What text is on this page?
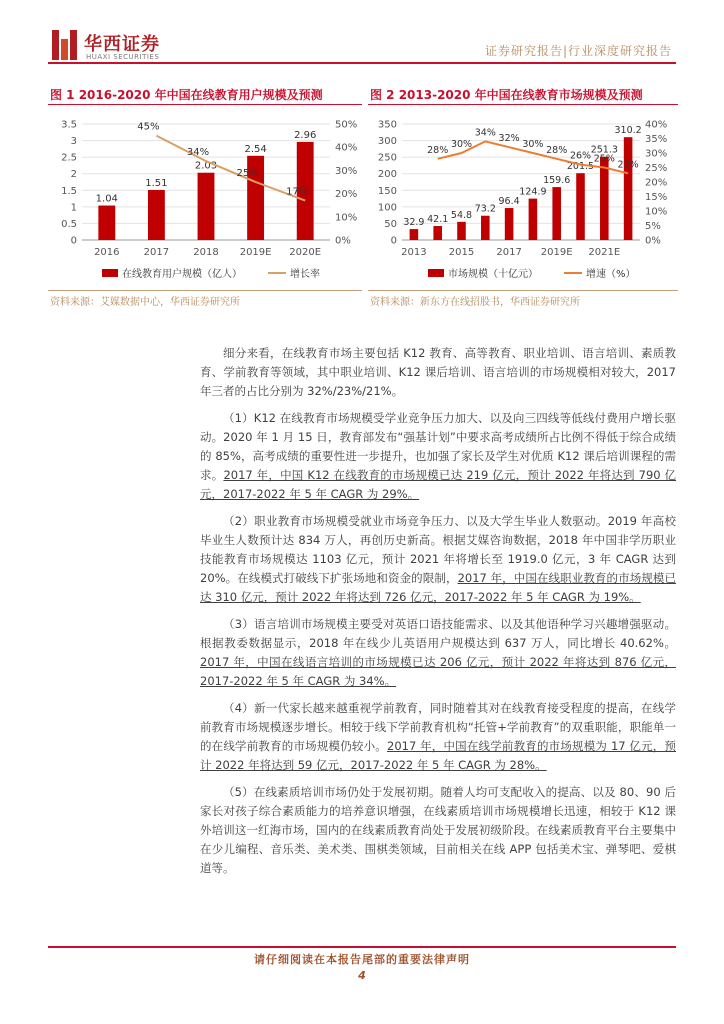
华西证券
HUAXI SECURITIES	证券研究报告|行业深度研究报告
图 1 2016-2020 年中国在线教育用户规模及预测	图 2 2013-2020 年中国在线教育市场规模及预测
0
0.5
1
1.5
2
2.5
3
3.5
0%
10%
20%
30%
40%
50%
1.04
1.51
2.03
2.54
2.96
45%
34%
25%
17%
2016 2017 2018 2019E 2020E
在线教育用户规模（亿人）	增长率
0
50
100
150
200
250
300
350
0%
5%
10%
15%
20%
25%
30%
35%
40%
32.9 42.1 54.8
73.2
96.4
124.9
159.6
201.5
251.3
310.2
28%
30%
34%
32%
30%
28%
26% 25%
23%
2013 2015 2017 2019E 2021E
市场规模（十亿元）	增速（%）
资料来源：艾媒数据中心，华西证券研究所	资料来源：新东方在线招股书，华西证券研究所

细分来看，在线教育市场主要包括 K12 教育、高等教育、职业培训、语言培训、素质教育、学前教育等领域，其中职业培训、K12 课后培训、语言培训的市场规模相对较大，2017 年三者的占比分别为 32%/23%/21%。

（1）K12 在线教育市场规模受学业竞争压力加大、以及向三四线等低线付费用户增长驱动。2020 年 1 月 15 日，教育部发布“强基计划”中要求高考成绩所占比例不得低于综合成绩的 85%，高考成绩的重要性进一步提升，也加强了家长及学生对优质 K12 课后培训课程的需求。2017 年，中国 K12 在线教育的市场规模已达 219 亿元，预计 2022 年将达到 790 亿元，2017-2022 年 5 年 CAGR 为 29%。

（2）职业教育市场规模受就业市场竞争压力、以及大学生毕业人数驱动。2019 年高校毕业生人数预计达 834 万人，再创历史新高。根据艾媒咨询数据，2018 年中国非学历职业技能教育市场规模达 1103 亿元，预计 2021 年将增长至 1919.0 亿元，3 年 CAGR 达到 20%。在线模式打破线下扩张场地和资金的限制，2017 年，中国在线职业教育的市场规模已达 310 亿元，预计 2022 年将达到 726 亿元，2017-2022 年 5 年 CAGR 为 19%。

（3）语言培训市场规模主要受对英语口语技能需求、以及其他语种学习兴趣增强驱动。根据教委数据显示，2018 年在线少儿英语用户规模达到 637 万人，同比增长 40.62%。2017 年，中国在线语言培训的市场规模已达 206 亿元，预计 2022 年将达到 876 亿元，2017-2022 年 5 年 CAGR 为 34%。

（4）新一代家长越来越重视学前教育，同时随着其对在线教育接受程度的提高，在线学前教育市场规模逐步增长。相较于线下学前教育机构“托管+学前教育”的双重职能，职能单一的在线学前教育的市场规模仍较小。2017 年，中国在线学前教育的市场规模为 17 亿元，预计 2022 年将达到 59 亿元，2017-2022 年 5 年 CAGR 为 28%。

（5）在线素质培训市场仍处于发展初期。随着人均可支配收入的提高、以及 80、90 后家长对孩子综合素质能力的培养意识增强，在线素质培训市场规模增长迅速，相较于 K12 课外培训这一红海市场，国内的在线素质教育尚处于发展初级阶段。在线素质教育平台主要集中在少儿编程、音乐类、美术类、围棋类领域，目前相关在线 APP 包括美术宝、弹琴吧、爱棋道等。

请仔细阅读在本报告尾部的重要法律声明
4
